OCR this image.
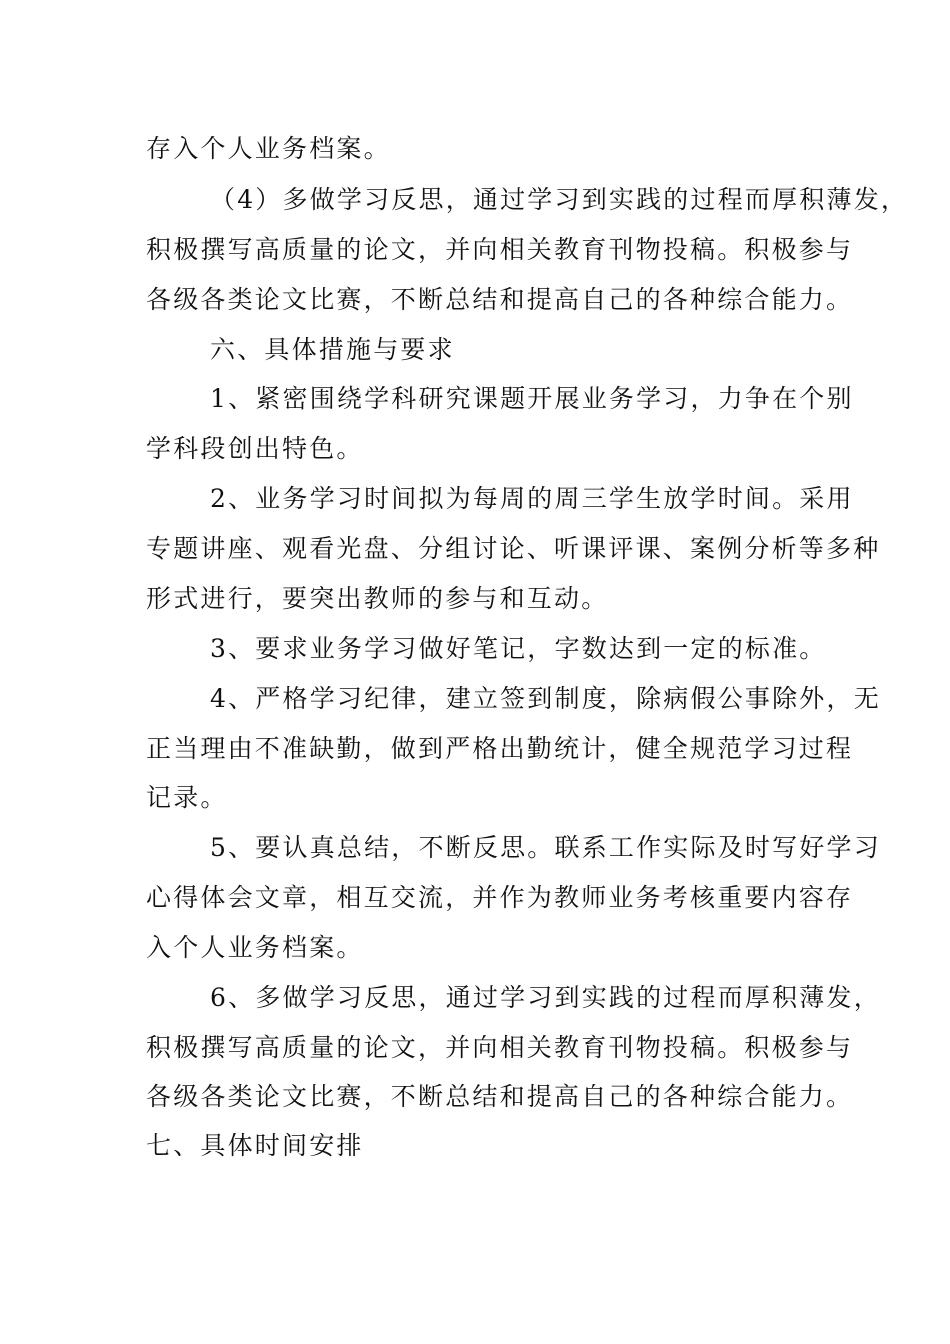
存入个人业务档案。
（4）多做学习反思，通过学习到实践的过程而厚积薄发，
积极撰写高质量的论文，并向相关教育刊物投稿。积极参与
各级各类论文比赛，不断总结和提高自己的各种综合能力。
六、具体措施与要求
1、紧密围绕学科研究课题开展业务学习，力争在个别
学科段创出特色。
2、业务学习时间拟为每周的周三学生放学时间。采用
专题讲座、观看光盘、分组讨论、听课评课、案例分析等多种
形式进行，要突出教师的参与和互动。
3、要求业务学习做好笔记，字数达到一定的标准。
4、严格学习纪律，建立签到制度，除病假公事除外，无
正当理由不准缺勤，做到严格出勤统计，健全规范学习过程
记录。
5、要认真总结，不断反思。联系工作实际及时写好学习
心得体会文章，相互交流，并作为教师业务考核重要内容存
入个人业务档案。
6、多做学习反思，通过学习到实践的过程而厚积薄发，
积极撰写高质量的论文，并向相关教育刊物投稿。积极参与
各级各类论文比赛，不断总结和提高自己的各种综合能力。
七、具体时间安排
